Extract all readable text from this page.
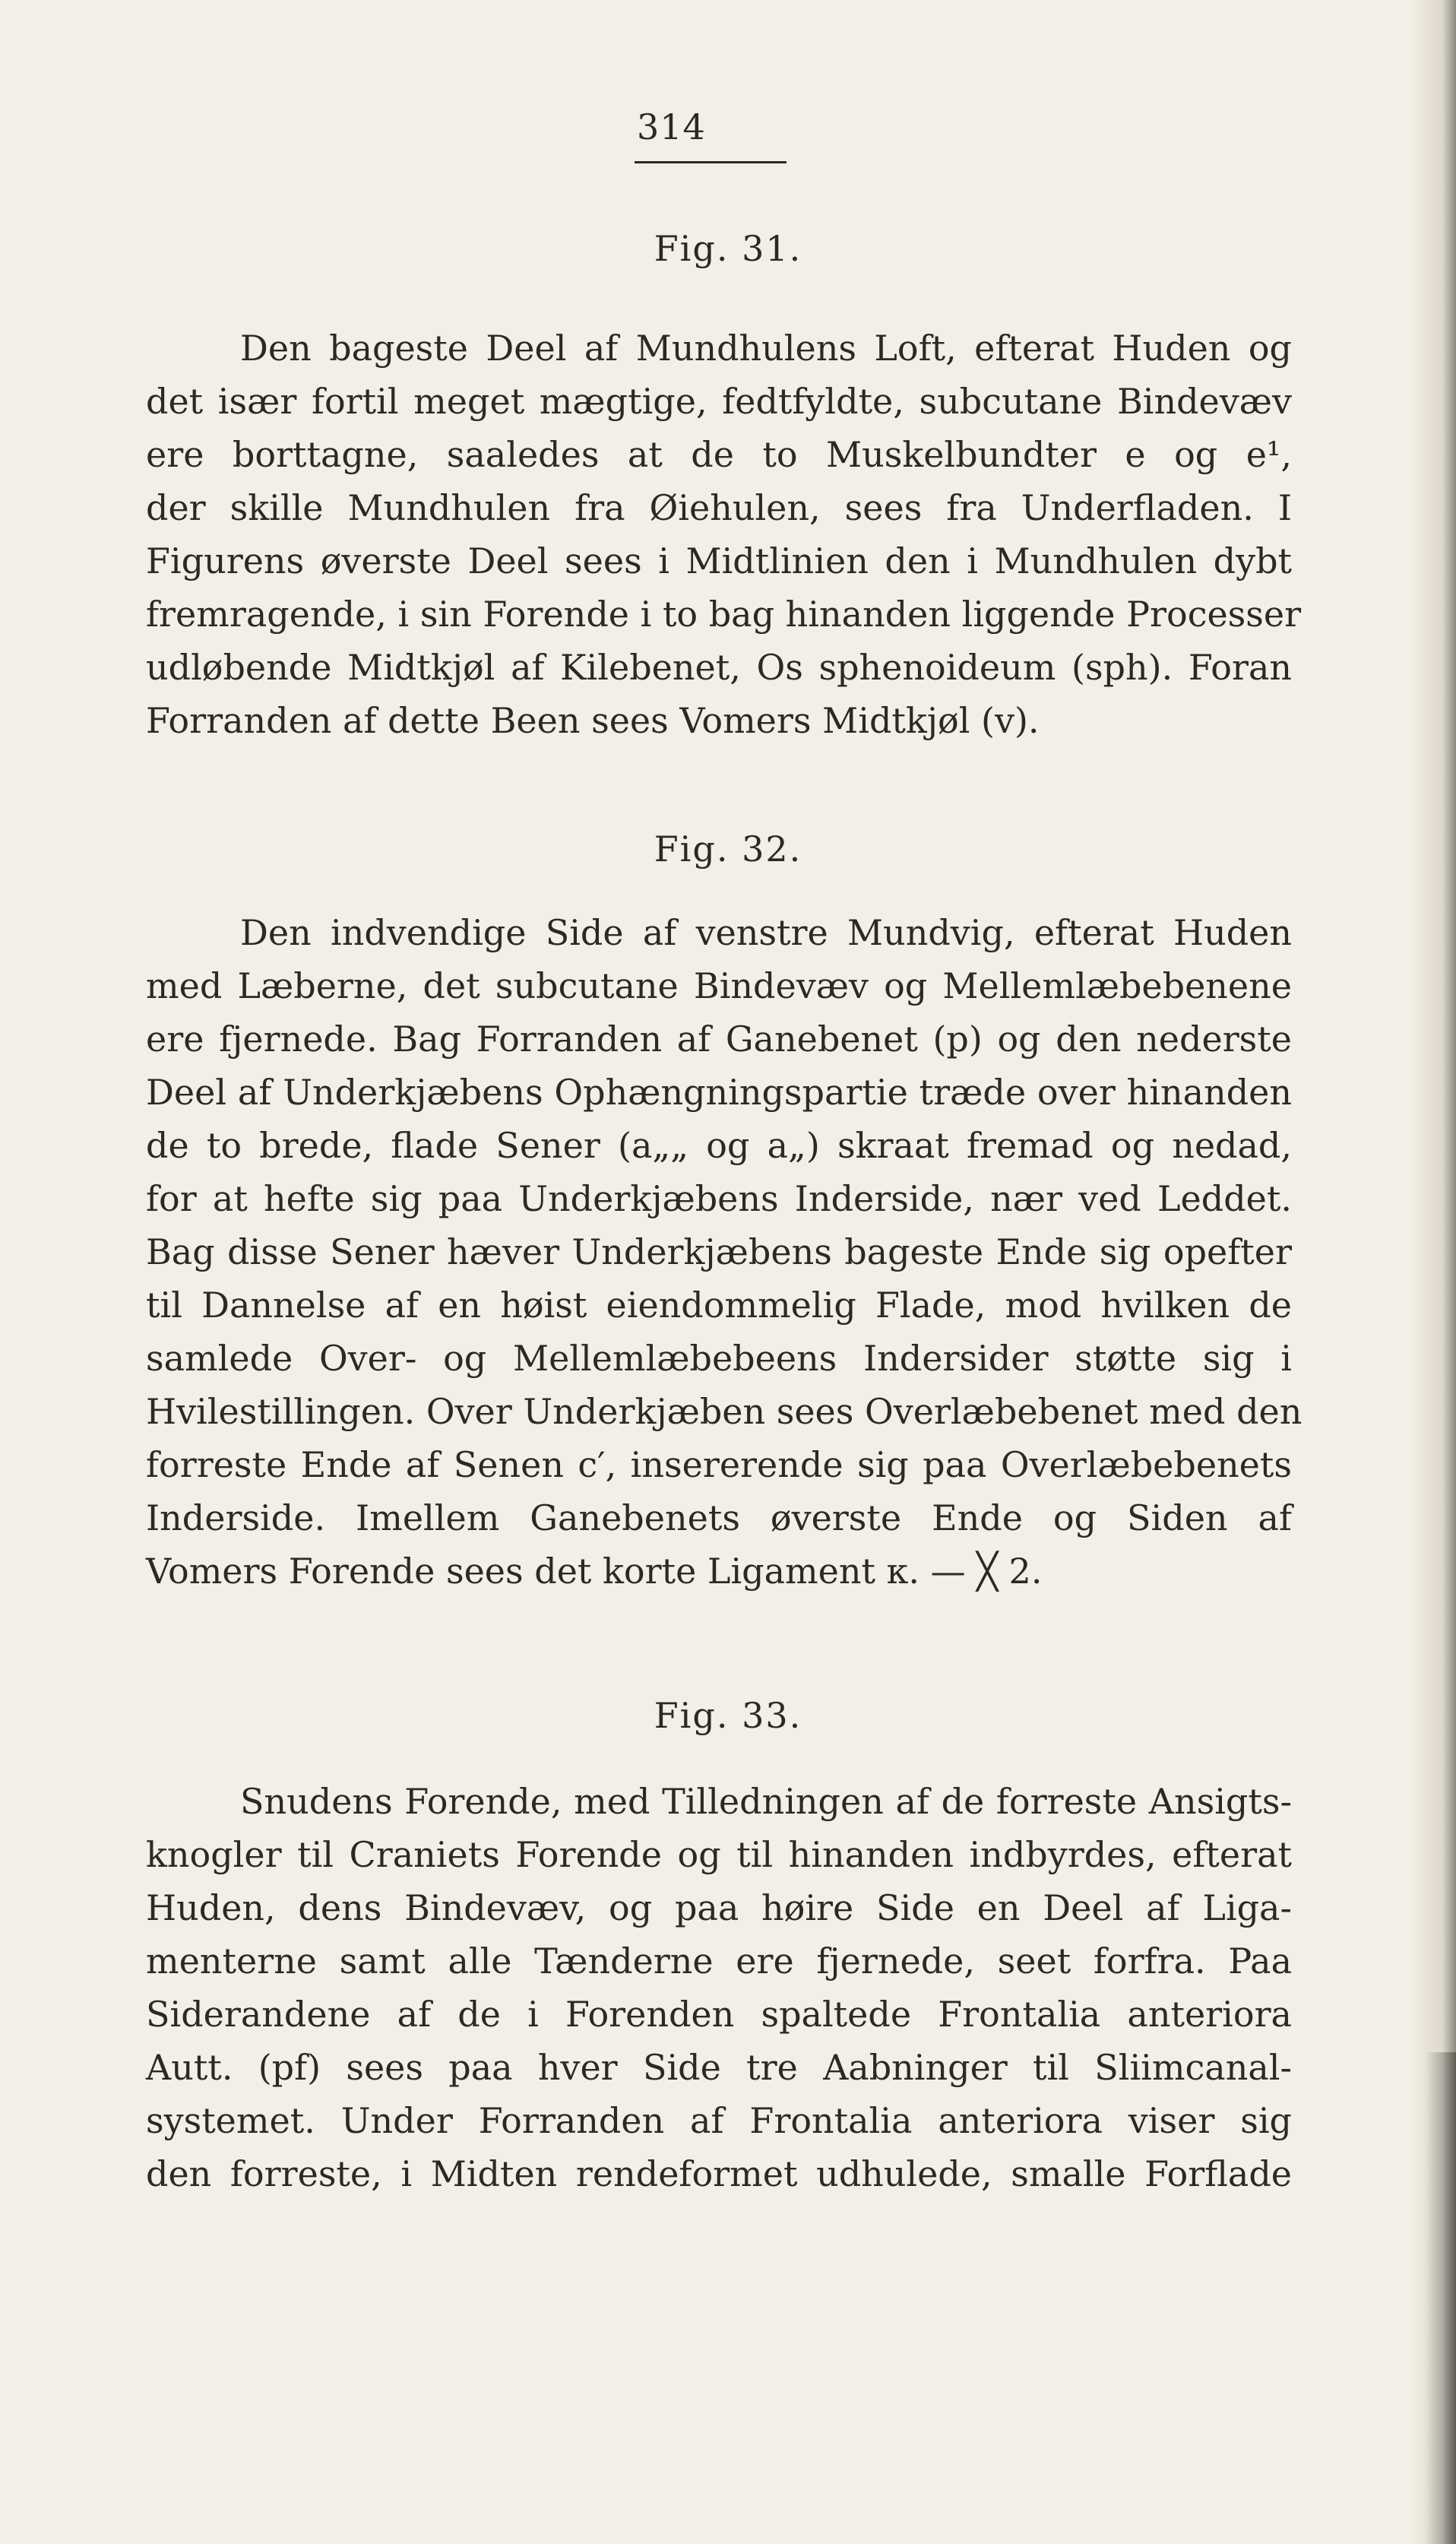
314
Fig. 31.
Den bageste Deel af Mundhulens Loft, efterat Huden og
det især fortil meget mægtige, fedtfyldte, subcutane Bindevæv
ere borttagne, saaledes at de to Muskelbundter e og e¹,
der skille Mundhulen fra Øiehulen, sees fra Underfladen. I
Figurens øverste Deel sees i Midtlinien den i Mundhulen dybt
fremragende, i sin Forende i to bag hinanden liggende Processer
udløbende Midtkjøl af Kilebenet, Os sphenoideum (sph). Foran
Forranden af dette Been sees Vomers Midtkjøl (v).
Fig. 32.
Den indvendige Side af venstre Mundvig, efterat Huden
med Læberne, det subcutane Bindevæv og Mellemlæbebenene
ere fjernede. Bag Forranden af Ganebenet (p) og den nederste
Deel af Underkjæbens Ophængningspartie træde over hinanden
de to brede, flade Sener (a„„ og a„) skraat fremad og nedad,
for at hefte sig paa Underkjæbens Inderside, nær ved Leddet.
Bag disse Sener hæver Underkjæbens bageste Ende sig opefter
til Dannelse af en høist eiendommelig Flade, mod hvilken de
samlede Over- og Mellemlæbebeens Indersider støtte sig i
Hvilestillingen. Over Underkjæben sees Overlæbebenet med den
forreste Ende af Senen c′, insererende sig paa Overlæbebenets
Inderside. Imellem Ganebenets øverste Ende og Siden af
Vomers Forende sees det korte Ligament κ. — ╳ 2.
Fig. 33.
Snudens Forende, med Tilledningen af de forreste Ansigts-
knogler til Craniets Forende og til hinanden indbyrdes, efterat
Huden, dens Bindevæv, og paa høire Side en Deel af Liga-
menterne samt alle Tænderne ere fjernede, seet forfra. Paa
Siderandene af de i Forenden spaltede Frontalia anteriora
Autt. (pf) sees paa hver Side tre Aabninger til Sliimcanal-
systemet. Under Forranden af Frontalia anteriora viser sig
den forreste, i Midten rendeformet udhulede, smalle Forflade
